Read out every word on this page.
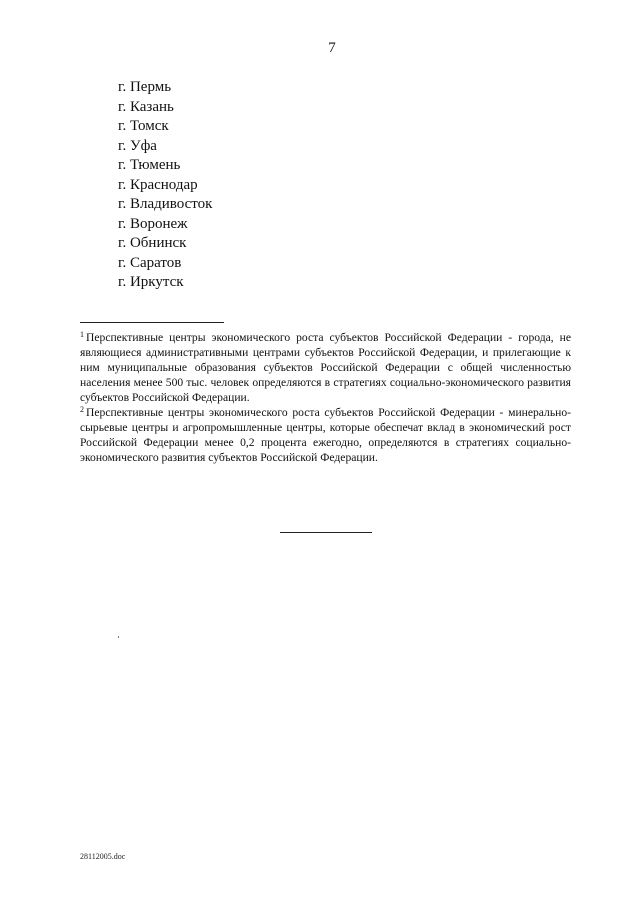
7
г. Пермь
г. Казань
г. Томск
г. Уфа
г. Тюмень
г. Краснодар
г. Владивосток
г. Воронеж
г. Обнинск
г. Саратов
г. Иркутск

$^1$ Перспективные центры экономического роста субъектов Российской Федерации - города, не являющиеся административными центрами субъектов Российской Федерации, и прилегающие к ним муниципальные образования субъектов Российской Федерации с общей численностью населения менее 500 тыс. человек определяются в стратегиях социально-экономического развития субъектов Российской Федерации.

$^2$ Перспективные центры экономического роста субъектов Российской Федерации - минерально-сырьевые центры и агропромышленные центры, которые обеспечат вклад в экономический рост Российской Федерации менее 0,2 процента ежегодно, определяются в стратегиях социально-экономического развития субъектов Российской Федерации.

28112005.doc
